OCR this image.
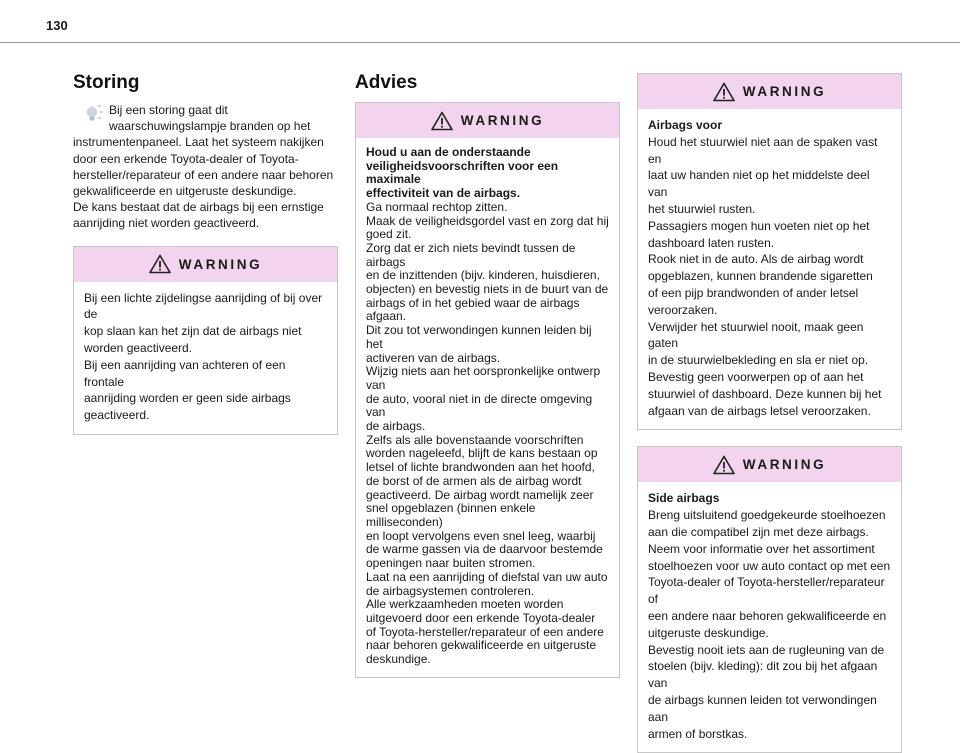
130
Storing

Bij een storing gaat dit

waarschuwingslampje branden op het

instrumentenpaneel. Laat het systeem nakijken

door een erkende Toyota-dealer of Toyota-

hersteller/reparateur of een andere naar behoren

gekwalificeerde en uitgeruste deskundige.

De kans bestaat dat de airbags bij een ernstige

aanrijding niet worden geactiveerd.

WARNING
Bij een lichte zijdelingse aanrijding of bij over de
kop slaan kan het zijn dat de airbags niet
worden geactiveerd.
Bij een aanrijding van achteren of een frontale
aanrijding worden er geen side airbags
geactiveerd.
Advies
WARNING
Houd u aan de onderstaande
veiligheidsvoorschriften voor een maximale
effectiviteit van de airbags.
Ga normaal rechtop zitten.
Maak de veiligheidsgordel vast en zorg dat hij
goed zit.
Zorg dat er zich niets bevindt tussen de airbags
en de inzittenden (bijv. kinderen, huisdieren,
objecten) en bevestig niets in de buurt van de
airbags of in het gebied waar de airbags afgaan.
Dit zou tot verwondingen kunnen leiden bij het
activeren van de airbags.
Wijzig niets aan het oorspronkelijke ontwerp van
de auto, vooral niet in de directe omgeving van
de airbags.
Zelfs als alle bovenstaande voorschriften
worden nageleefd, blijft de kans bestaan op
letsel of lichte brandwonden aan het hoofd,
de borst of de armen als de airbag wordt
geactiveerd. De airbag wordt namelijk zeer
snel opgeblazen (binnen enkele milliseconden)
en loopt vervolgens even snel leeg, waarbij
de warme gassen via de daarvoor bestemde
openingen naar buiten stromen.
Laat na een aanrijding of diefstal van uw auto
de airbagsystemen controleren.
Alle werkzaamheden moeten worden
uitgevoerd door een erkende Toyota-dealer
of Toyota-hersteller/reparateur of een andere
naar behoren gekwalificeerde en uitgeruste
deskundige.
WARNING
Airbags voor
Houd het stuurwiel niet aan de spaken vast en
laat uw handen niet op het middelste deel van
het stuurwiel rusten.
Passagiers mogen hun voeten niet op het
dashboard laten rusten.
Rook niet in de auto. Als de airbag wordt
opgeblazen, kunnen brandende sigaretten
of een pijp brandwonden of ander letsel
veroorzaken.
Verwijder het stuurwiel nooit, maak geen gaten
in de stuurwielbekleding en sla er niet op.
Bevestig geen voorwerpen op of aan het
stuurwiel of dashboard. Deze kunnen bij het
afgaan van de airbags letsel veroorzaken.
WARNING
Side airbags
Breng uitsluitend goedgekeurde stoelhoezen
aan die compatibel zijn met deze airbags.
Neem voor informatie over het assortiment
stoelhoezen voor uw auto contact op met een
Toyota-dealer of Toyota-hersteller/reparateur of
een andere naar behoren gekwalificeerde en
uitgeruste deskundige.
Bevestig nooit iets aan de rugleuning van de
stoelen (bijv. kleding): dit zou bij het afgaan van
de airbags kunnen leiden tot verwondingen aan
armen of borstkas.
